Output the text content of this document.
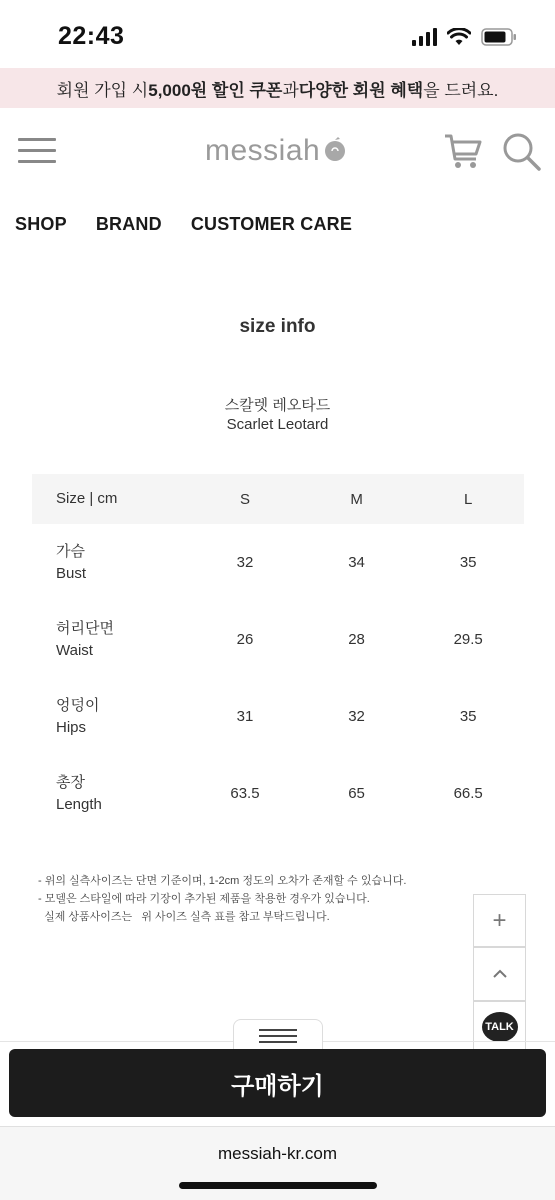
22:43
회원 가입 시 5,000원 할인 쿠폰 과 다양한 회원 혜택 을 드려요.
messiah
SHOP BRAND CUSTOMER CARE
size info
스칼렛 레오타드
Scarlet Leotard
Size | cm	S	M	L
가슴
Bust
32	34	35
허리단면
Waist
26	28	29.5
엉덩이
Hips
31	32	35
총장
Length
63.5	65	66.5
- 위의 실측사이즈는 단면 기준이며, 1-2cm 정도의 오차가 존재할 수 있습니다.
- 모델은 스타일에 따라 기장이 추가된 제품을 착용한 경우가 있습니다.
실제 상품사이즈는   위 사이즈 실측 표를 참고 부탁드립니다.	+
TALK
구매하기
messiah-kr.com
